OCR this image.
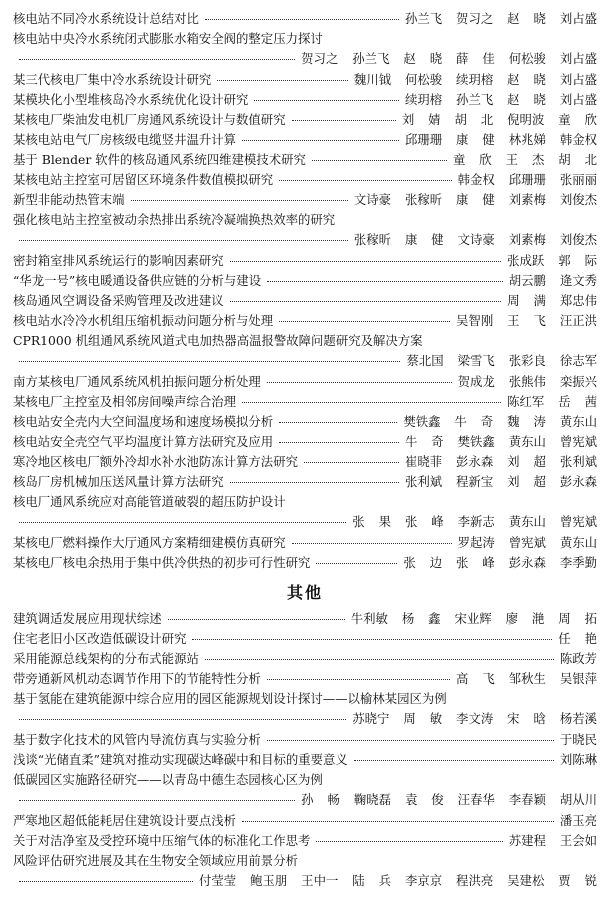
核电站不同冷水系统设计总结对比	孙兰飞 贺习之 赵 晓 刘占盛
核电站中央冷水系统闭式膨胀水箱安全阀的整定压力探讨
贺习之 孙兰飞 赵 晓 薛 佳 何松骏 刘占盛
某三代核电厂集中冷水系统设计研究	魏川钺 何松骏 续玥榕 赵 晓 刘占盛
某模块化小型堆核岛冷水系统优化设计研究	续玥榕 孙兰飞 赵 晓 刘占盛
某核电厂柴油发电机厂房通风系统设计与数值研究	刘 婧 胡 北 倪明波 童 欣
某核电站电气厂房核级电缆竖井温升计算	邱珊珊 康 健 林兆娣 韩金权
基于 Blender 软件的核岛通风系统四维建模技术研究	童 欣 王 杰 胡 北
某核电站主控室可居留区环境条件数值模拟研究	韩金权 邱珊珊 张丽丽
新型非能动热管末端	文诗豪 张稼昕 康 健 刘素梅 刘俊杰
强化核电站主控室被动余热排出系统冷凝端换热效率的研究
张稼昕 康 健 文诗豪 刘素梅 刘俊杰
密封箱室排风系统运行的影响因素研究	张成跃 郭 际
“华龙一号”核电暖通设备供应链的分析与建设	胡云鹏 逄文秀
核岛通风空调设备采购管理及改进建议	周 满 郑忠伟
核电站水冷冷水机组压缩机振动问题分析与处理	吴智刚 王 飞 汪正洪
CPR1000 机组通风系统风道式电加热器高温报警故障问题研究及解决方案
蔡北国 梁雪飞 张彩良 徐志军
南方某核电厂通风系统风机拍振问题分析处理	贺成龙 张熊伟 栾振兴
某核电厂主控室及相邻房间噪声综合治理	陈红军 岳 茜
核电站安全壳内大空间温度场和速度场模拟分析	樊铁鑫 牛 奇 魏 涛 黄东山
核电站安全壳空气平均温度计算方法研究及应用	牛 奇 樊铁鑫 黄东山 曾宪斌
寒冷地区核电厂额外冷却水补水池防冻计算方法研究	崔晓菲 彭永森 刘 超 张利斌
核岛厂房机械加压送风量计算方法研究	张利斌 程新宝 刘 超 彭永森
核电厂通风系统应对高能管道破裂的超压防护设计
张 果 张 峰 李新志 黄东山 曾宪斌
某核电厂燃料操作大厅通风方案精细建模仿真研究	罗起涛 曾宪斌 黄东山
某核电厂核电余热用于集中供冷供热的初步可行性研究	张 边 张 峰 彭永森 李季勤
其他
建筑调适发展应用现状综述	牛利敏 杨 鑫 宋业辉 廖 滟 周 拓
住宅老旧小区改造低碳设计研究	任 艳
采用能源总线架构的分布式能源站	陈政芳
带旁通新风机动态调节作用下的节能特性分析	高 飞 邹秋生 吴银萍
基于氢能在建筑能源中综合应用的园区能源规划设计探讨——以榆林某园区为例
苏晓宁 周 敏 李文涛 宋 晗 杨若溪
基于数字化技术的风管内导流仿真与实验分析	于晓民
浅谈“光储直柔”建筑对推动实现碳达峰碳中和目标的重要意义	刘陈琳
低碳园区实施路径研究——以青岛中德生态园核心区为例
孙 畅 鞠晓磊 袁 俊 汪春华 李春颖 胡从川
严寒地区超低能耗居住建筑设计要点浅析	潘玉亮
关于对洁净室及受控环境中压缩气体的标准化工作思考	苏建程 王会如
风险评估研究进展及其在生物安全领域应用前景分析
付莹莹 鲍玉朋 王中一 陆 兵 李京京 程洪亮 吴建松 贾 锐
